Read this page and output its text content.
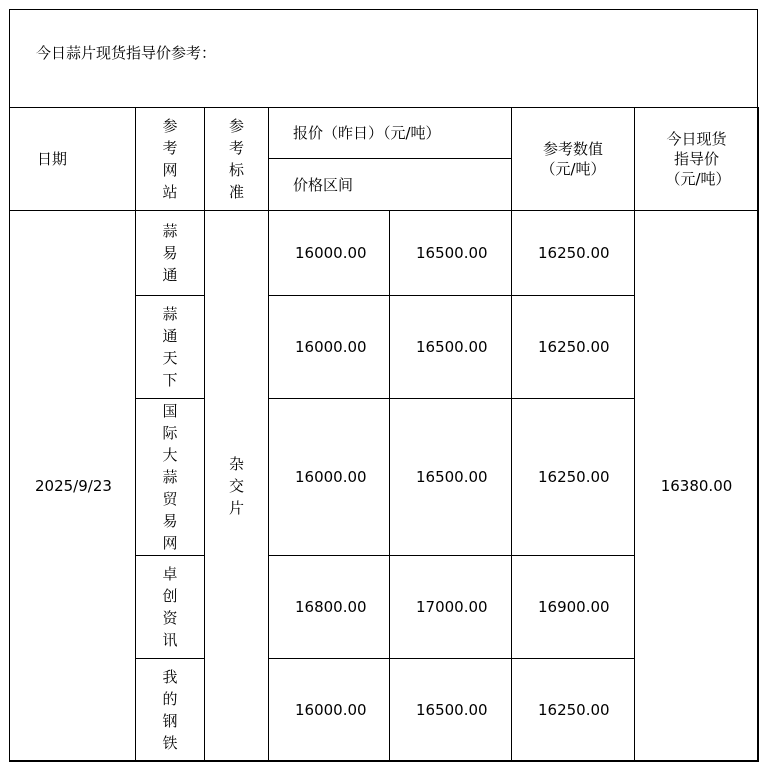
今日蒜片现货指导价参考：
日期	参考网站	参考标准	报价（昨日）（元/吨）		参考数值（元/吨）	今日现货指导价（元/吨）

			价格区间			
2025/9/23	蒜易通	杂交片	16000.00	16500.00	16250.00	16380.00

	蒜通天下		16000.00	16500.00	16250.00	

	国际大蒜贸易网		16000.00	16500.00	16250.00	

	卓创资讯		16800.00	17000.00	16900.00	

	我的钢铁		16000.00	16500.00	16250.00	
